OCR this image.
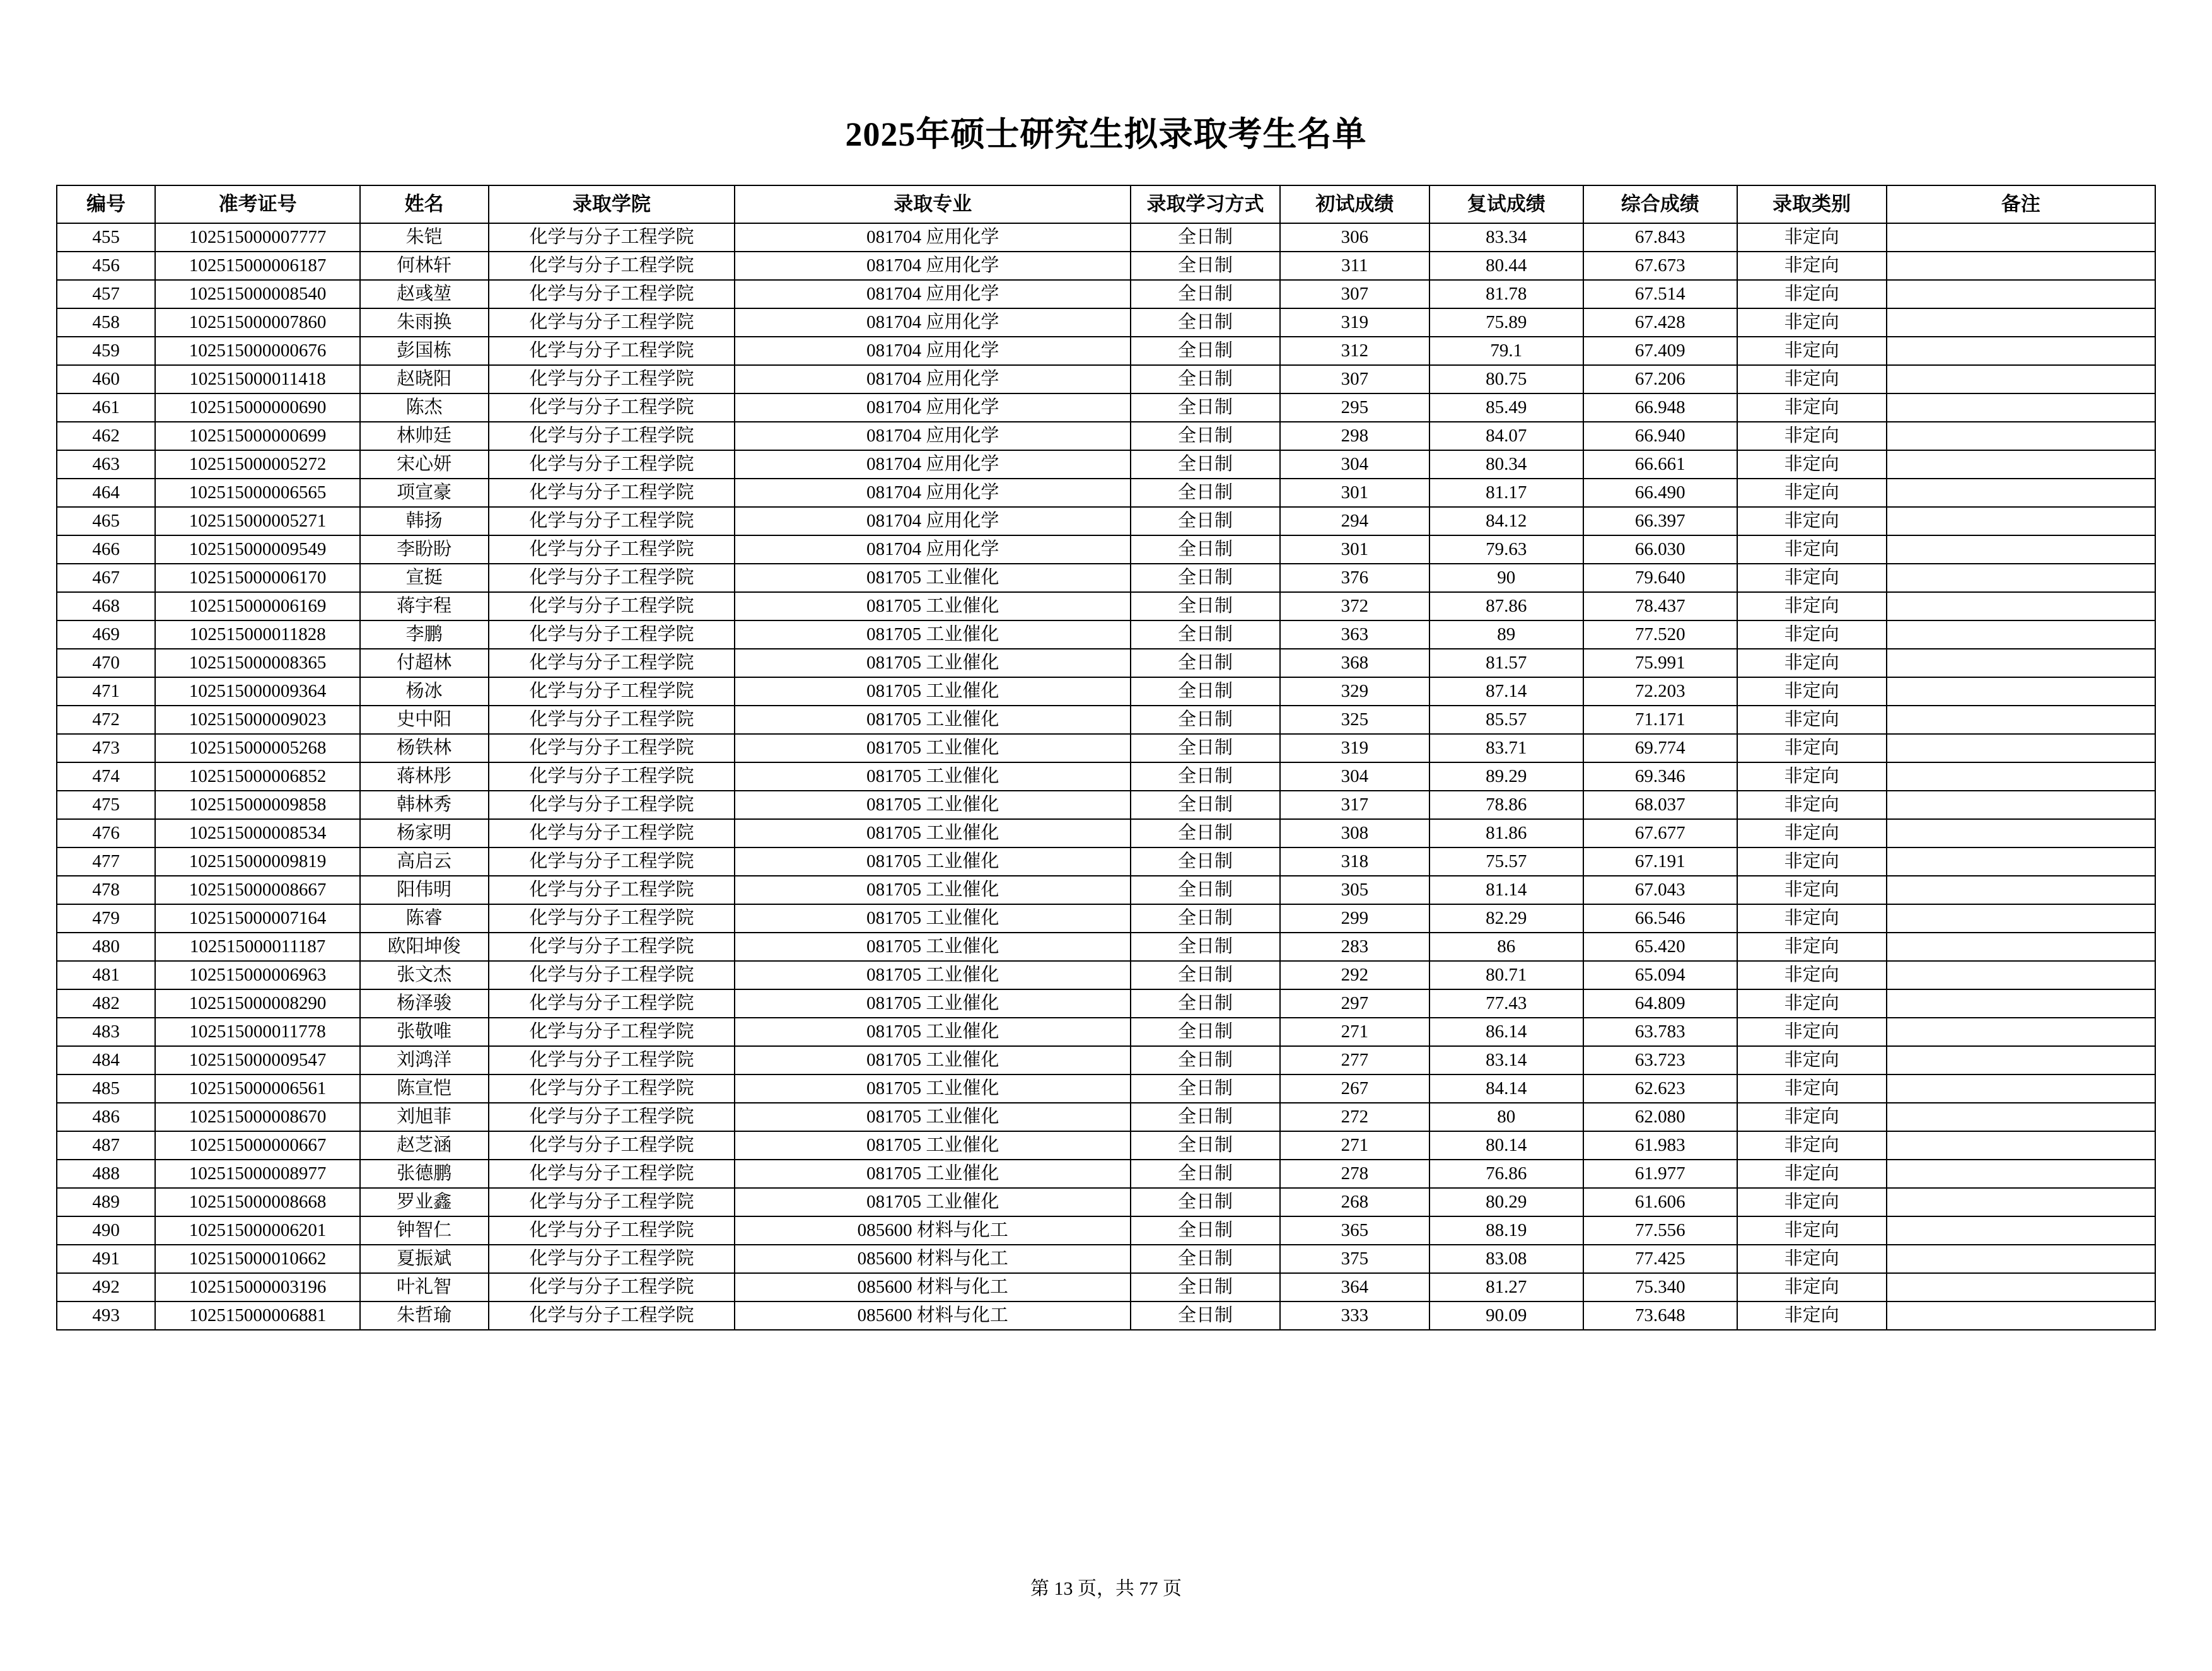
2025年硕士研究生拟录取考生名单
编号	准考证号	姓名	录取学院	录取专业	录取学习方式	初试成绩	复试成绩	综合成绩	录取类别	备注
455	102515000007777	朱铠	化学与分子工程学院	081704 应用化学	全日制	306	83.34	67.843	非定向	
456	102515000006187	何林轩	化学与分子工程学院	081704 应用化学	全日制	311	80.44	67.673	非定向	
457	102515000008540	赵彧堃	化学与分子工程学院	081704 应用化学	全日制	307	81.78	67.514	非定向	
458	102515000007860	朱雨换	化学与分子工程学院	081704 应用化学	全日制	319	75.89	67.428	非定向	
459	102515000000676	彭国栋	化学与分子工程学院	081704 应用化学	全日制	312	79.1	67.409	非定向	
460	102515000011418	赵晓阳	化学与分子工程学院	081704 应用化学	全日制	307	80.75	67.206	非定向	
461	102515000000690	陈杰	化学与分子工程学院	081704 应用化学	全日制	295	85.49	66.948	非定向	
462	102515000000699	林帅廷	化学与分子工程学院	081704 应用化学	全日制	298	84.07	66.940	非定向	
463	102515000005272	宋心妍	化学与分子工程学院	081704 应用化学	全日制	304	80.34	66.661	非定向	
464	102515000006565	项宣豪	化学与分子工程学院	081704 应用化学	全日制	301	81.17	66.490	非定向	
465	102515000005271	韩扬	化学与分子工程学院	081704 应用化学	全日制	294	84.12	66.397	非定向	
466	102515000009549	李盼盼	化学与分子工程学院	081704 应用化学	全日制	301	79.63	66.030	非定向	
467	102515000006170	宣挺	化学与分子工程学院	081705 工业催化	全日制	376	90	79.640	非定向	
468	102515000006169	蒋宇程	化学与分子工程学院	081705 工业催化	全日制	372	87.86	78.437	非定向	
469	102515000011828	李鹏	化学与分子工程学院	081705 工业催化	全日制	363	89	77.520	非定向	
470	102515000008365	付超林	化学与分子工程学院	081705 工业催化	全日制	368	81.57	75.991	非定向	
471	102515000009364	杨冰	化学与分子工程学院	081705 工业催化	全日制	329	87.14	72.203	非定向	
472	102515000009023	史中阳	化学与分子工程学院	081705 工业催化	全日制	325	85.57	71.171	非定向	
473	102515000005268	杨铁林	化学与分子工程学院	081705 工业催化	全日制	319	83.71	69.774	非定向	
474	102515000006852	蒋林彤	化学与分子工程学院	081705 工业催化	全日制	304	89.29	69.346	非定向	
475	102515000009858	韩林秀	化学与分子工程学院	081705 工业催化	全日制	317	78.86	68.037	非定向	
476	102515000008534	杨家明	化学与分子工程学院	081705 工业催化	全日制	308	81.86	67.677	非定向	
477	102515000009819	高启云	化学与分子工程学院	081705 工业催化	全日制	318	75.57	67.191	非定向	
478	102515000008667	阳伟明	化学与分子工程学院	081705 工业催化	全日制	305	81.14	67.043	非定向	
479	102515000007164	陈睿	化学与分子工程学院	081705 工业催化	全日制	299	82.29	66.546	非定向	
480	102515000011187	欧阳坤俊	化学与分子工程学院	081705 工业催化	全日制	283	86	65.420	非定向	
481	102515000006963	张文杰	化学与分子工程学院	081705 工业催化	全日制	292	80.71	65.094	非定向	
482	102515000008290	杨泽骏	化学与分子工程学院	081705 工业催化	全日制	297	77.43	64.809	非定向	
483	102515000011778	张敬唯	化学与分子工程学院	081705 工业催化	全日制	271	86.14	63.783	非定向	
484	102515000009547	刘鸿洋	化学与分子工程学院	081705 工业催化	全日制	277	83.14	63.723	非定向	
485	102515000006561	陈宣恺	化学与分子工程学院	081705 工业催化	全日制	267	84.14	62.623	非定向	
486	102515000008670	刘旭菲	化学与分子工程学院	081705 工业催化	全日制	272	80	62.080	非定向	
487	102515000000667	赵芝涵	化学与分子工程学院	081705 工业催化	全日制	271	80.14	61.983	非定向	
488	102515000008977	张德鹏	化学与分子工程学院	081705 工业催化	全日制	278	76.86	61.977	非定向	
489	102515000008668	罗业鑫	化学与分子工程学院	081705 工业催化	全日制	268	80.29	61.606	非定向	
490	102515000006201	钟智仁	化学与分子工程学院	085600 材料与化工	全日制	365	88.19	77.556	非定向	
491	102515000010662	夏振斌	化学与分子工程学院	085600 材料与化工	全日制	375	83.08	77.425	非定向	
492	102515000003196	叶礼智	化学与分子工程学院	085600 材料与化工	全日制	364	81.27	75.340	非定向	
493	102515000006881	朱哲瑜	化学与分子工程学院	085600 材料与化工	全日制	333	90.09	73.648	非定向	
第 13 页，共 77 页
